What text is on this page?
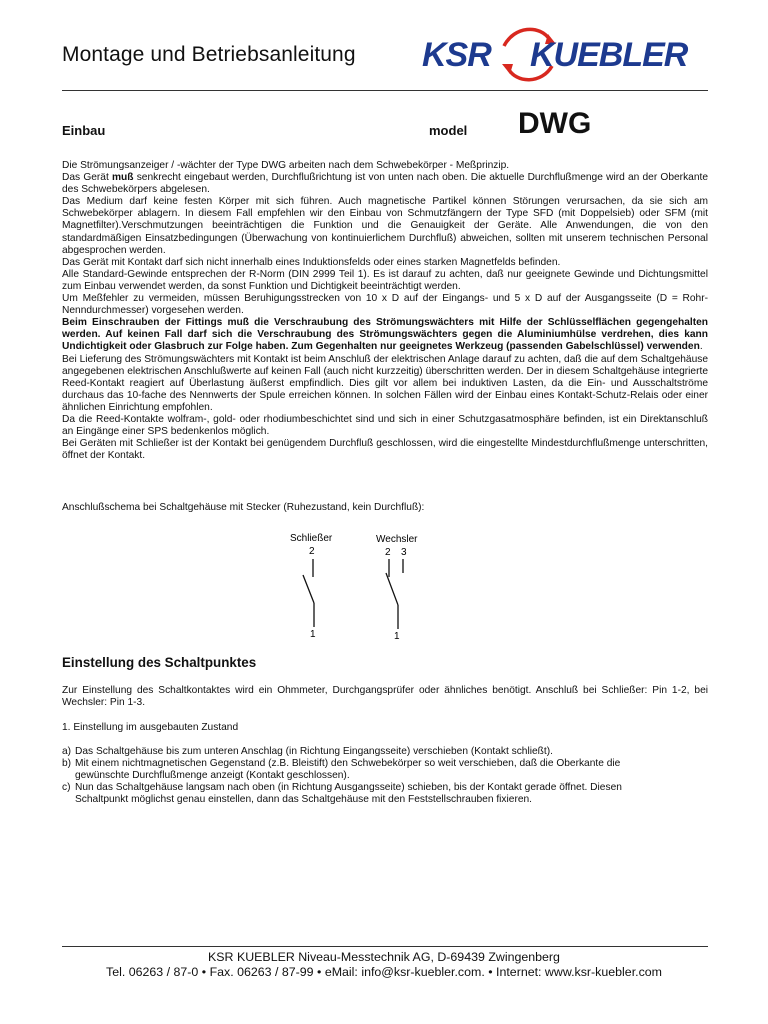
Montage und Betriebsanleitung KSR KUEBLER
Einbau	model DWG

Die Strömungsanzeiger / -wächter der Type DWG arbeiten nach dem Schwebekörper - Meßprinzip.

Das Gerät muß senkrecht eingebaut werden, Durchflußrichtung ist von unten nach oben. Die aktuelle Durchflußmenge wird an der Oberkante des Schwebekörpers abgelesen.

Das Medium darf keine festen Körper mit sich führen. Auch magnetische Partikel können Störungen verursachen, da sie sich am Schwebekörper ablagern. In diesem Fall empfehlen wir den Einbau von Schmutzfängern der Type SFD (mit Doppelsieb) oder SFM (mit Magnetfilter).Verschmutzungen beeinträchtigen die Funktion und die Genauigkeit der Geräte. Alle Anwendungen, die von den standardmäßigen Einsatzbedingungen (Überwachung von kontinuierlichem Durchfluß) abweichen, sollten mit unserem technischen Personal abgesprochen werden.

Das Gerät mit Kontakt darf sich nicht innerhalb eines Induktionsfelds oder eines starken Magnetfelds befinden.

Alle Standard-Gewinde entsprechen der R-Norm (DIN 2999 Teil 1). Es ist darauf zu achten, daß nur geeignete Gewinde und Dichtungsmittel zum Einbau verwendet werden, da sonst Funktion und Dichtigkeit beeinträchtigt werden.

Um Meßfehler zu vermeiden, müssen Beruhigungsstrecken von 10 x D auf der Eingangs- und 5 x D auf der Ausgangsseite (D = Rohr-Nenndurchmesser) vorgesehen werden.

Beim Einschrauben der Fittings muß die Verschraubung des Strömungswächters mit Hilfe der Schlüsselflächen gegengehalten werden. Auf keinen Fall darf sich die Verschraubung des Strömungswächters gegen die Aluminiumhülse verdrehen, dies kann Undichtigkeit oder Glasbruch zur Folge haben. Zum Gegenhalten nur geeignetes Werkzeug (passenden Gabelschlüssel) verwenden.

Bei Lieferung des Strömungswächters mit Kontakt ist beim Anschluß der elektrischen Anlage darauf zu achten, daß die auf dem Schaltgehäuse angegebenen elektrischen Anschlußwerte auf keinen Fall (auch nicht kurzzeitig) überschritten werden. Der in diesem Schaltgehäuse integrierte Reed-Kontakt reagiert auf Überlastung äußerst empfindlich. Dies gilt vor allem bei induktiven Lasten, da die Ein- und Ausschaltströme durchaus das 10-fache des Nennwerts der Spule erreichen können. In solchen Fällen wird der Einbau eines Kontakt-Schutz-Relais oder einer ähnlichen Einrichtung empfohlen.

Da die Reed-Kontakte wolfram-, gold- oder rhodiumbeschichtet sind und sich in einer Schutzgasatmosphäre befinden, ist ein Direktanschluß an Eingänge einer SPS bedenkenlos möglich.

Bei Geräten mit Schließer ist der Kontakt bei genügendem Durchfluß geschlossen, wird die eingestellte Mindestdurchflußmenge unterschritten, öffnet der Kontakt.

Anschlußschema bei Schaltgehäuse mit Stecker (Ruhezustand, kein Durchfluß):
Schließer
2
Wechsler
2 3
1	1
Einstellung des Schaltpunktes
Zur Einstellung des Schaltkontaktes wird ein Ohmmeter, Durchgangsprüfer oder ähnliches benötigt. Anschluß bei Schließer: Pin 1-2, bei Wechsler: Pin 1-3.
1. Einstellung im ausgebauten Zustand
a) Das Schaltgehäuse bis zum unteren Anschlag (in Richtung Eingangsseite) verschieben (Kontakt schließt).
b) Mit einem nichtmagnetischen Gegenstand (z.B. Bleistift) den Schwebekörper so weit verschieben, daß die Oberkante die gewünschte Durchflußmenge anzeigt (Kontakt geschlossen).
c) Nun das Schaltgehäuse langsam nach oben (in Richtung Ausgangsseite) schieben, bis der Kontakt gerade öffnet. Diesen Schaltpunkt möglichst genau einstellen, dann das Schaltgehäuse mit den Feststellschrauben fixieren.
KSR KUEBLER Niveau-Messtechnik AG, D-69439 Zwingenberg
Tel. 06263 / 87-0 • Fax. 06263 / 87-99 • eMail: info@ksr-kuebler.com. • Internet: www.ksr-kuebler.com
